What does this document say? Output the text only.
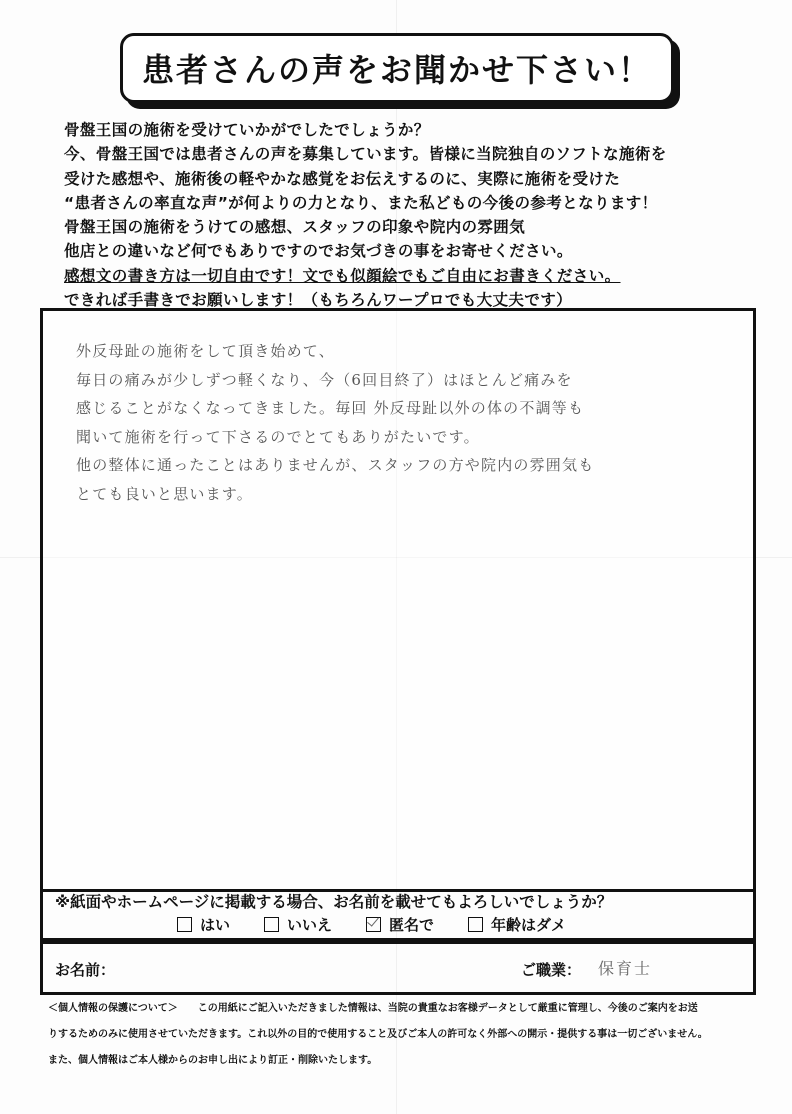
患者さんの声をお聞かせ下さい！
骨盤王国の施術を受けていかがでしたでしょうか？
今、骨盤王国では患者さんの声を募集しています。皆様に当院独自のソフトな施術を
受けた感想や、施術後の軽やかな感覚をお伝えするのに、実際に施術を受けた
“患者さんの率直な声”が何よりの力となり、また私どもの今後の参考となります！
骨盤王国の施術をうけての感想、スタッフの印象や院内の雰囲気
他店との違いなど何でもありですのでお気づきの事をお寄せください。
感想文の書き方は一切自由です！文でも似顔絵でもご自由にお書きください。
できれば手書きでお願いします！（もちろんワープロでも大丈夫です）
外反母趾の施術をして頂き始めて、
毎日の痛みが少しずつ軽くなり、今（6回目終了）はほとんど痛みを
感じることがなくなってきました。毎回 外反母趾以外の体の不調等も
聞いて施術を行って下さるのでとてもありがたいです。
他の整体に通ったことはありませんが、スタッフの方や院内の雰囲気も
とても良いと思います。
※紙面やホームページに掲載する場合、お名前を載せてもよろしいでしょうか？
はい	いいえ	匿名で	年齢はダメ
お名前：	ご職業： 保育士
＜個人情報の保護について＞　　この用紙にご記入いただきました情報は、当院の貴重なお客様データとして厳重に管理し、今後のご案内をお送
りするためのみに使用させていただきます。これ以外の目的で使用すること及びご本人の許可なく外部への開示・提供する事は一切ございません。
また、個人情報はご本人様からのお申し出により訂正・削除いたします。
